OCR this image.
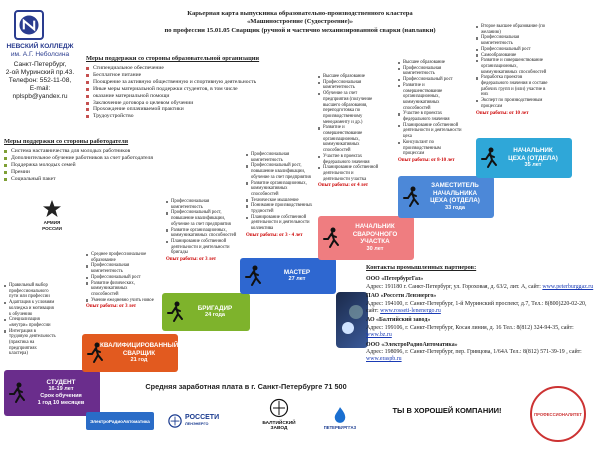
НЕВСКИЙ КОЛЛЕДЖ
им. А.Г. Неболсина
Санкт-Петербург,
2-ой Муринский пр.43.
Телефон: 552-11-08,
E-mail: nplspb@yandex.ru
Карьерная карта выпускника образовательно-производственного кластера
«Машиностроение (Судостроение)»
по профессии 15.01.05 Сварщик (ручной и частично механизированной сварки (наплавки)
Меры поддержки со стороны образовательной организации
Стипендиальное обеспечение
Бесплатное питание
Поощрение за активную общественную и спортивную деятельность
Иные меры материальной поддержки студентов, в том числе
оказание материальной помощи
Заключение договора о целевом обучении
Прохождение оплачиваемой практики
Трудоустройство
Меры поддержки со стороны работодателя
Система наставничества для молодых работников
Дополнительное обучение работников за счет работодателя
Поддержка молодых семей
Премии
Социальный пакет
АРМИЯ
РОССИИ
Правильный выбор профессионального пути или профессии
Адаптация к условиям колледжа и мотивация к обучению
Специализация «внутри» профессии
Интеграция в трудовую деятельность (практика на предприятиях кластера)
Среднее профессиональное образование
Профессиональная компетентность
Профессиональный рост
Развитие физических, коммуникативных способностей
Умение ежедневно учить новое
Опыт работы: от 3 лет
Профессиональная компетентность
Профессиональный рост, повышение квалификации, обучение за счет предприятия
Развитие организационных, коммуникативных способностей
Планирование собственной деятельности и деятельности бригады
Опыт работы: от 3 лет
Профессиональная компетентность
Профессиональный рост, повышение квалификации, обучение за счет предприятия
Развитие организационных, коммуникативных способностей
Техническое мышление
Понимание производственных трудностей
Планирование собственной деятельности и деятельности коллектива
Опыт работы: от 3 - 4 лет
Высшее образование
Профессиональная компетентность
Обучение за счет предприятия (получение высшего образования, переподготовка по производственному менеджменту и др.)
Развитие и совершенствование организационных, коммуникативных способностей
Участие в проектах федерального значения
Планирование собственной деятельности и деятельности участка
Опыт работы: от 4 лет
Высшее образование
Профессиональная компетентность
Профессиональный рост
Развитие и совершенствование организационных, коммуникативных способностей
Участие в проектах федерального значения
Планирование собственной деятельности и деятельности цеха
Консультант по производственным процессам
Опыт работы: от 8-10 лет
Второе высшее образование (по желанию)
Профессиональная компетентность
Профессиональный рост
Самообразование
Развитие и совершенствование организационных, коммуникативных способностей
Разработка проектов федерального значения и составе рабочих групп и (или) участие в них
Эксперт по производственным процессам
Опыт работы: от 10 лет
СТУДЕНТ
16-19 лет
Срок обучения
1 год 10 месяцев
КВАЛИФИЦИРОВАННЫЙ
СВАРЩИК
21 год
БРИГАДИР
24 года
МАСТЕР
27 лет
НАЧАЛЬНИК
СВАРОЧНОГО
УЧАСТКА
30 лет
ЗАМЕСТИТЕЛЬ
НАЧАЛЬНИКА
ЦЕХА (ОТДЕЛА)
33 года
НАЧАЛЬНИК
ЦЕХА (ОТДЕЛА)
35 лет
Контакты промышленных партнеров:
ООО «ПетербургГаз»
Адрес: 191180 г. Санкт-Петербург, ул. Гороховая, д. 63/2, лит. А, сайт: www.peterburggaz.ru
ПАО «Россети Ленэнерго»
Адрес: 194100, г. Санкт-Петербург, 1-й Муринский проспект, д.7, Тел.: 8(800)220-02-20, сайт: www.rosseti-lenenergo.ru
АО «Балтийский завод»
Адрес: 199106, г. Санкт-Петербург, Косая линия, д. 16 Тел.: 8(812) 324-94-35, сайт: www.bz.ru
ООО «ЭлектроРадиоАвтоматика»
Адрес: 198096, г. Санкт-Петербург, пер. Гривцова, 1/64А Тел.: 8(812) 571-39-19 , сайт: www.eraspb.ru
Средняя заработная плата в г. Санкт-Петербурге 71 500
ТЫ В ХОРОШЕЙ КОМПАНИИ!
ЭлектроРадиоАвтоматика	РОССЕТИ
ЛЕНЭНЕРГО	БАЛТИЙСКИЙ
ЗАВОД	ПЕТЕРБУРГГАЗ
ПРОФЕССИОНАЛИТЕТ
